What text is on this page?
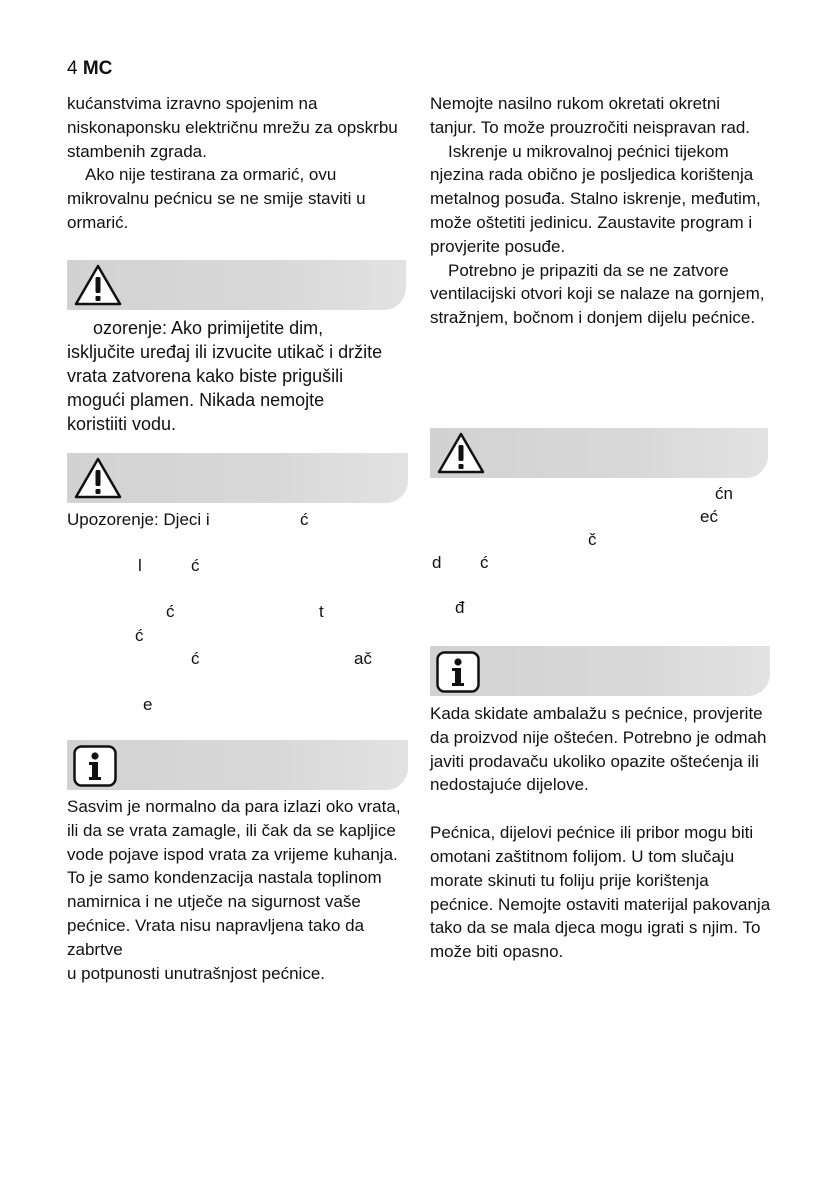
4 MC

kućanstvima izravno spojenim na niskonaponsku električnu mrežu za opskrbu stambenih zgrada.

Ako nije testirana za ormarić, ovu mikrovalnu pećnicu se ne smije staviti u ormarić.

ozorenje: Ako primijetite dim, isključite uređaj ili izvucite utikač i držite vrata zatvorena kako biste prigušili mogući plamen. Nikada nemojte koristiiti vodu.

Upozorenje: Djeci i	ć
l	ć
ć	t
ć
ć	ač
e

Sasvim je normalno da para izlazi oko vrata, ili da se vrata zamagle, ili čak da se kapljice vode pojave ispod vrata za vrijeme kuhanja. To je samo kondenzacija nastala toplinom namirnica i ne utječe na sigurnost vaše pećnice. Vrata nisu napravljena tako da zabrtve

u potpunosti unutrašnjost pećnice.

Nemojte nasilno rukom okretati okretni tanjur. To može prouzročiti neispravan rad.

Iskrenje u mikrovalnoj pećnici tijekom njezina rada obično je posljedica korištenja metalnog posuđa. Stalno iskrenje, međutim, može oštetiti jedinicu. Zaustavite program i provjerite posuđe.

Potrebno je pripaziti da se ne zatvore ventilacijski otvori koji se nalaze na gornjem, stražnjem, bočnom i donjem dijelu pećnice.

ćn
eć
č
d ć
đ

Kada skidate ambalažu s pećnice, provjerite da proizvod nije oštećen. Potrebno je odmah javiti prodavaču ukoliko opazite oštećenja ili nedostajuće dijelove.

Pećnica, dijelovi pećnice ili pribor mogu biti omotani zaštitnom folijom. U tom slučaju morate skinuti tu foliju prije korištenja pećnice. Nemojte ostaviti materijal pakovanja tako da se mala djeca mogu igrati s njim. To može biti opasno.
